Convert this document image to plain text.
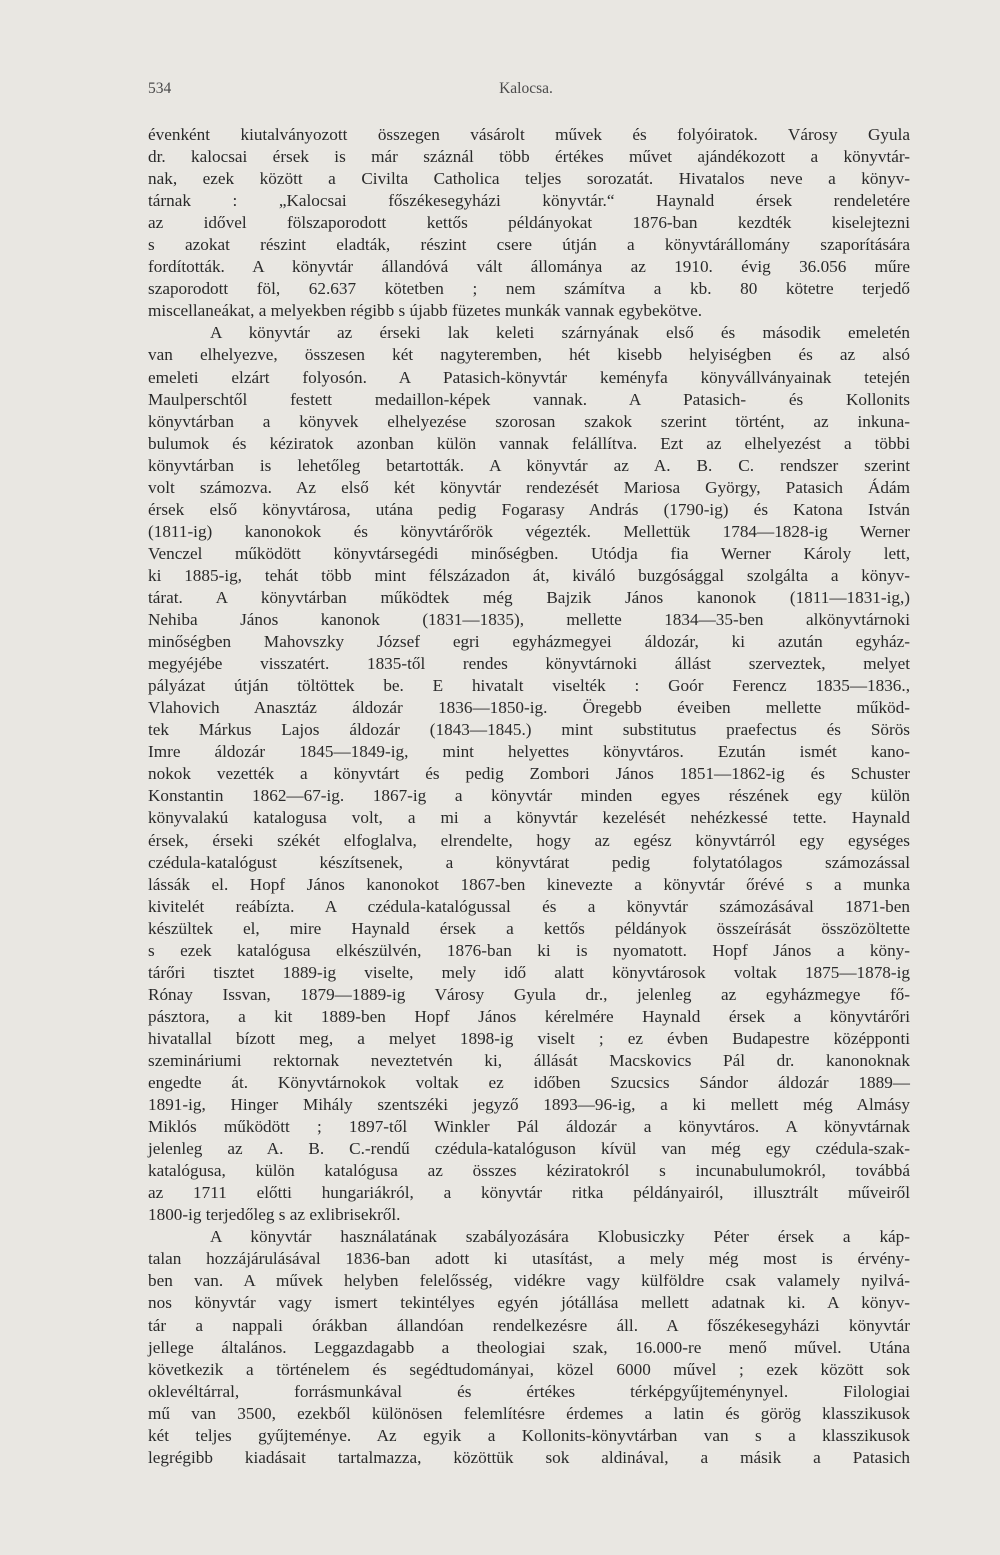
534	Kalocsa.
évenként kiutalványozott összegen vásárolt művek és folyóiratok. Városy Gyula
dr. kalocsai érsek is már száznál több értékes művet ajándékozott a könyvtár-
nak, ezek között a Civilta Catholica teljes sorozatát. Hivatalos neve a könyv-
tárnak : „Kalocsai főszékesegyházi könyvtár.“ Haynald érsek rendeletére
az idővel fölszaporodott kettős példányokat 1876-ban kezdték kiselejtezni
s azokat részint eladták, részint csere útján a könyvtárállomány szaporítására
fordították. A könyvtár állandóvá vált állománya az 1910. évig 36.056 műre
szaporodott föl, 62.637 kötetben ; nem számítva a kb. 80 kötetre terjedő
miscellaneákat, a melyekben régibb s újabb füzetes munkák vannak egybekötve.
A könyvtár az érseki lak keleti szárnyának első és második emeletén
van elhelyezve, összesen két nagyteremben, hét kisebb helyiségben és az alsó
emeleti elzárt folyosón. A Patasich-könyvtár keményfa könyvállványainak tetején
Maulperschtől festett medaillon-képek vannak. A Patasich- és Kollonits
könyvtárban a könyvek elhelyezése szorosan szakok szerint történt, az inkuna-
bulumok és kéziratok azonban külön vannak felállítva. Ezt az elhelyezést a többi
könyvtárban is lehetőleg betartották. A könyvtár az A. B. C. rendszer szerint
volt számozva. Az első két könyvtár rendezését Mariosa György, Patasich Ádám
érsek első könyvtárosa, utána pedig Fogarasy András (1790-ig) és Katona István
(1811-ig) kanonokok és könyvtárőrök végezték. Mellettük 1784—1828-ig Werner
Venczel működött könyvtársegédi minőségben. Utódja fia Werner Károly lett,
ki 1885-ig, tehát több mint félszázadon át, kiváló buzgósággal szolgálta a könyv-
tárat. A könyvtárban működtek még Bajzik János kanonok (1811—1831-ig,)
Nehiba János kanonok (1831—1835), mellette 1834—35-ben alkönyvtárnoki
minőségben Mahovszky József egri egyházmegyei áldozár, ki azután egyház-
megyéjébe visszatért. 1835-től rendes könyvtárnoki állást szerveztek, melyet
pályázat útján töltöttek be. E hivatalt viselték : Goór Ferencz 1835—1836.,
Vlahovich Anasztáz áldozár 1836—1850-ig. Öregebb éveiben mellette működ-
tek Márkus Lajos áldozár (1843—1845.) mint substitutus praefectus és Sörös
Imre áldozár 1845—1849-ig, mint helyettes könyvtáros. Ezután ismét kano-
nokok vezették a könyvtárt és pedig Zombori János 1851—1862-ig és Schuster
Konstantin 1862—67-ig. 1867-ig a könyvtár minden egyes részének egy külön
könyvalakú katalogusa volt, a mi a könyvtár kezelését nehézkessé tette. Haynald
érsek, érseki székét elfoglalva, elrendelte, hogy az egész könyvtárról egy egységes
czédula-katalógust készítsenek, a könyvtárat pedig folytatólagos számozással
lássák el. Hopf János kanonokot 1867-ben kinevezte a könyvtár őrévé s a munka
kivitelét reábízta. A czédula-katalógussal és a könyvtár számozásával 1871-ben
készültek el, mire Haynald érsek a kettős példányok összeírását összözöltette
s ezek katalógusa elkészülvén, 1876-ban ki is nyomatott. Hopf János a köny-
tárőri tisztet 1889-ig viselte, mely idő alatt könyvtárosok voltak 1875—1878-ig
Rónay Issvan, 1879—1889-ig Városy Gyula dr., jelenleg az egyházmegye fő-
pásztora, a kit 1889-ben Hopf János kérelmére Haynald érsek a könyvtárőri
hivatallal bízott meg, a melyet 1898-ig viselt ; ez évben Budapestre középponti
szemináriumi rektornak neveztetvén ki, állását Macskovics Pál dr. kanonoknak
engedte át. Könyvtárnokok voltak ez időben Szucsics Sándor áldozár 1889—
1891-ig, Hinger Mihály szentszéki jegyző 1893—96-ig, a ki mellett még Almásy
Miklós működött ; 1897-től Winkler Pál áldozár a könyvtáros. A könyvtárnak
jelenleg az A. B. C.-rendű czédula-katalóguson kívül van még egy czédula-szak-
katalógusa, külön katalógusa az összes kéziratokról s incunabulumokról, továbbá
az 1711 előtti hungariákról, a könyvtár ritka példányairól, illusztrált műveiről
1800-ig terjedőleg s az exlibrisekről.
A könyvtár használatának szabályozására Klobusiczky Péter érsek a káp-
talan hozzájárulásával 1836-ban adott ki utasítást, a mely még most is érvény-
ben van. A művek helyben felelősség, vidékre vagy külföldre csak valamely nyilvá-
nos könyvtár vagy ismert tekintélyes egyén jótállása mellett adatnak ki. A könyv-
tár a nappali órákban állandóan rendelkezésre áll. A főszékesegyházi könyvtár
jellege általános. Leggazdagabb a theologiai szak, 16.000-re menő művel. Utána
következik a történelem és segédtudományai, közel 6000 művel ; ezek között sok
oklevéltárral, forrásmunkával és értékes térképgyűjteménynyel. Filologiai
mű van 3500, ezekből különösen felemlítésre érdemes a latin és görög klasszikusok
két teljes gyűjteménye. Az egyik a Kollonits-könyvtárban van s a klasszikusok
legrégibb kiadásait tartalmazza, közöttük sok aldinával, a másik a Patasich
